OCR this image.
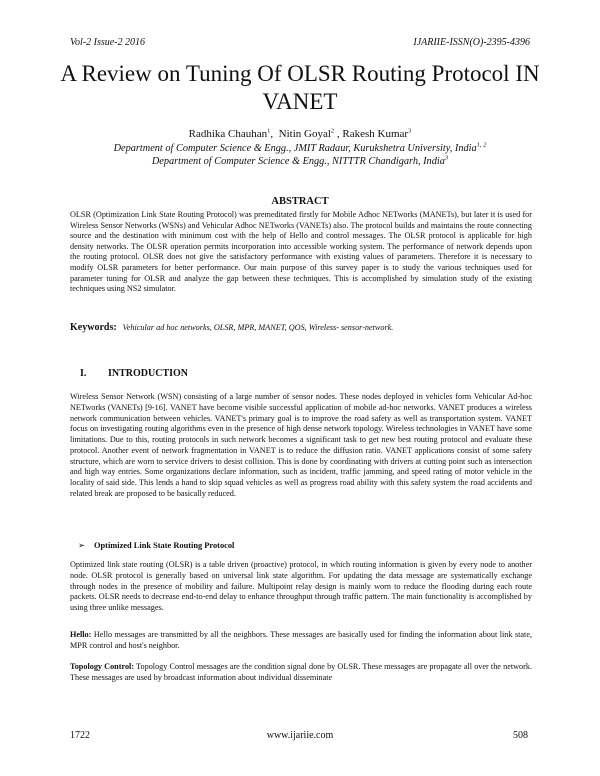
Vol-2 Issue-2 2016	IJARIIE-ISSN(O)-2395-4396
A Review on Tuning Of OLSR Routing Protocol IN VANET
Radhika Chauhan$^1$,  Nitin Goyal$^2$ , Rakesh Kumar$^3$
Department of Computer Science & Engg., JMIT Radaur, Kurukshetra University, India$^{1, 2}$
Department of Computer Science & Engg., NITTTR Chandigarh, India$^3$
ABSTRACT

OLSR (Optimization Link State Routing Protocol) was premeditated firstly for Mobile Adhoc NETworks (MANETs), but later it is used for Wireless Sensor Networks (WSNs) and Vehicular Adhoc NETworks (VANETs) also. The protocol builds and maintains the route connecting source and the destination with minimum cost with the help of Hello and control messages. The OLSR protocol is applicable for high density networks. The OLSR operation permits incorporation into accessible working system. The performance of network depends upon the routing protocol. OLSR does not give the satisfactory performance with existing values of parameters. Therefore it is necessary to modify OLSR parameters for better performance. Our main purpose of this survey paper is to study the various techniques used for parameter tuning for OLSR and analyze the gap between these techniques. This is accomplished by simulation study of the existing techniques using NS2 simulator.

Keywords: Vehicular ad hoc networks, OLSR, MPR, MANET, QOS, Wireless- sensor-network.
I. INTRODUCTION

Wireless Sensor Network (WSN) consisting of a large number of sensor nodes. These nodes deployed in vehicles form Vehicular Ad-hoc NETworks (VANETs) [9-16]. VANET have become visible successful application of mobile ad-hoc networks. VANET produces a wireless network communication between vehicles. VANET's primary goal is to improve the road safety as well as transportation system. VANET focus on investigating routing algorithms even in the presence of high dense network topology. Wireless technologies in VANET have some limitations. Due to this, routing protocols in such network becomes a significant task to get new best routing protocol and evaluate these protocol. Another event of network fragmentation in VANET is to reduce the diffusion ratio. VANET applications consist of some safety structure, which are worn to service drivers to desist collision. This is done by coordinating with drivers at cutting point such as intersection and high way entries. Some organizations declare information, such as incident, traffic jamming, and speed rating of motor vehicle in the locality of said side. This lends a hand to skip squad vehicles as well as progress road ability with this safety system the road accidents and related break are proposed to be basically reduced.

➢ Optimized Link State Routing Protocol

Optimized link state routing (OLSR) is a table driven (proactive) protocol, in which routing information is given by every node to another node. OLSR protocol is generally based on universal link state algorithm. For updating the data message are systematically exchange through nodes in the presence of mobility and failure. Multipoint relay design is mainly worn to reduce the flooding during each route packets. OLSR needs to decrease end-to-end delay to enhance throughput through traffic pattern. The main functionality is accomplished by using three unlike messages.

Hello: Hello messages are transmitted by all the neighbors. These messages are basically used for finding the information about link state, MPR control and host's neighbor.

Topology Control: Topology Control messages are the condition signal done by OLSR. These messages are propagate all over the network. These messages are used by broadcast information about individual disseminate

1722	www.ijariie.com	508
